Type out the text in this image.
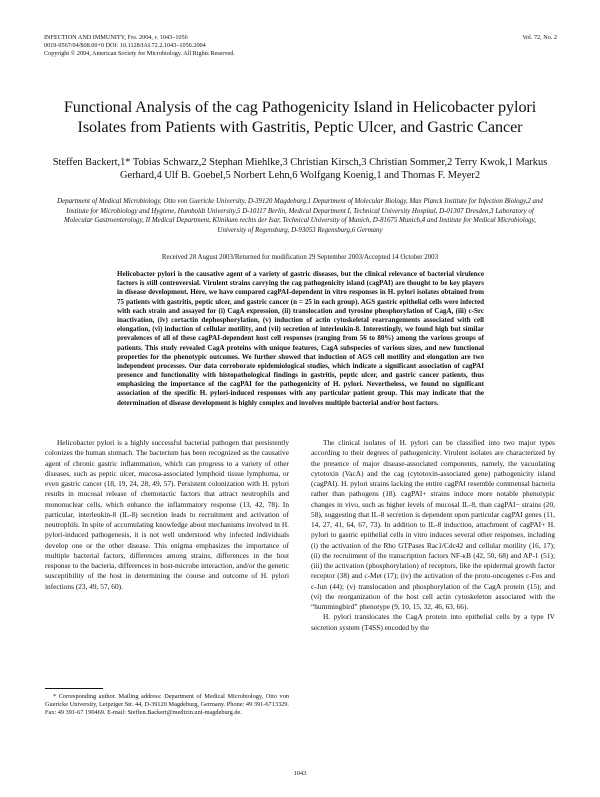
INFECTION AND IMMUNITY, Feb. 2004, p. 1043–1056
0019-9567/04/$08.00+0 DOI: 10.1128/IAI.72.2.1043–1056.2004
Copyright © 2004, American Society for Microbiology. All Rights Reserved.
Vol. 72, No. 2
Functional Analysis of the cag Pathogenicity Island in Helicobacter pylori Isolates from Patients with Gastritis, Peptic Ulcer, and Gastric Cancer
Steffen Backert,1* Tobias Schwarz,2 Stephan Miehlke,3 Christian Kirsch,3 Christian Sommer,2 Terry Kwok,1 Markus Gerhard,4 Ulf B. Goebel,5 Norbert Lehn,6 Wolfgang Koenig,1 and Thomas F. Meyer2
Department of Medical Microbiology, Otto von Guericke University, D-39120 Magdeburg,1 Department of Molecular Biology, Max Planck Institute for Infection Biology,2 and Institute for Microbiology and Hygiene, Humboldt University,5 D-10117 Berlin, Medical Department I, Technical University Hospital, D-01307 Dresden,3 Laboratory of Molecular Gastroenterology, II Medical Department, Klinikum rechts der Isar, Technical University of Munich, D-81675 Munich,4 and Institute for Medical Microbiology, University of Regensburg, D-93053 Regensburg,6 Germany
Received 28 August 2003/Returned for modification 29 September 2003/Accepted 14 October 2003
Helicobacter pylori is the causative agent of a variety of gastric diseases, but the clinical relevance of bacterial virulence factors is still controversial. Virulent strains carrying the cag pathogenicity island (cagPAI) are thought to be key players in disease development. Here, we have compared cagPAI-dependent in vitro responses in H. pylori isolates obtained from 75 patients with gastritis, peptic ulcer, and gastric cancer (n = 25 in each group). AGS gastric epithelial cells were infected with each strain and assayed for (i) CagA expression, (ii) translocation and tyrosine phosphorylation of CagA, (iii) c-Src inactivation, (iv) cortactin dephosphorylation, (v) induction of actin cytoskeletal rearrangements associated with cell elongation, (vi) induction of cellular motility, and (vii) secretion of interleukin-8. Interestingly, we found high but similar prevalences of all of these cagPAI-dependent host cell responses (ranging from 56 to 80%) among the various groups of patients. This study revealed CagA proteins with unique features, CagA subspecies of various sizes, and new functional properties for the phenotypic outcomes. We further showed that induction of AGS cell motility and elongation are two independent processes. Our data corroborate epidemiological studies, which indicate a significant association of cagPAI presence and functionality with histopathological findings in gastritis, peptic ulcer, and gastric cancer patients, thus emphasizing the importance of the cagPAI for the pathogenicity of H. pylori. Nevertheless, we found no significant association of the specific H. pylori-induced responses with any particular patient group. This may indicate that the determination of disease development is highly complex and involves multiple bacterial and/or host factors.

Helicobacter pylori is a highly successful bacterial pathogen that persistently colonizes the human stomach. The bacterium has been recognized as the causative agent of chronic gastric inflammation, which can progress to a variety of other diseases, such as peptic ulcer, mucosa-associated lymphoid tissue lymphoma, or even gastric cancer (18, 19, 24, 28, 49, 57). Persistent colonization with H. pylori results in mucosal release of chemotactic factors that attract neutrophils and mononuclear cells, which enhance the inflammatory response (13, 42, 78). In particular, interleukin-8 (IL-8) secretion leads to recruitment and activation of neutrophils. In spite of accumulating knowledge about mechanisms involved in H. pylori-induced pathogenesis, it is not well understood why infected individuals develop one or the other disease. This enigma emphasizes the importance of multiple bacterial factors, differences among strains, differences in the host response to the bacteria, differences in host-microbe interaction, and/or the genetic susceptibility of the host in determining the course and outcome of H. pylori infections (23, 49, 57, 60).

The clinical isolates of H. pylori can be classified into two major types according to their degrees of pathogenicity. Virulent isolates are characterized by the presence of major disease-associated components, namely, the vacuolating cytotoxin (VacA) and the cag (cytotoxin-associated gene) pathogenicity island (cagPAI). H. pylori strains lacking the entire cagPAI resemble commensal bacteria rather than pathogens (18). cagPAI+ strains induce more notable phenotypic changes in vivo, such as higher levels of mucosal IL-8, than cagPAI− strains (20, 58), suggesting that IL-8 secretion is dependent upon particular cagPAI genes (11, 14, 27, 41, 64, 67, 73). In addition to IL-8 induction, attachment of cagPAI+ H. pylori to gastric epithelial cells in vitro induces several other responses, including (i) the activation of the Rho GTPases Rac1/Cdc42 and cellular motility (16, 17); (ii) the recruitment of the transcription factors NF-κB (42, 50, 68) and AP-1 (51); (iii) the activation (phosphorylation) of receptors, like the epidermal growth factor receptor (38) and c-Met (17); (iv) the activation of the proto-oncogenes c-Fos and c-Jun (44); (v) translocation and phosphorylation of the CagA protein (15); and (vi) the reorganization of the host cell actin cytoskeleton associated with the “hummingbird” phenotype (9, 10, 15, 32, 46, 63, 66).

H. pylori translocates the CagA protein into epithelial cells by a type IV secretion system (T4SS) encoded by the

* Corresponding author. Mailing address: Department of Medical Microbiology, Otto von Guericke University, Leipziger Str. 44, D-39120 Magdeburg, Germany. Phone: 49 391-6713329. Fax: 49 391-67 190469. E-mail: Steffen.Backert@medizin.uni-magdeburg.de.
1043
